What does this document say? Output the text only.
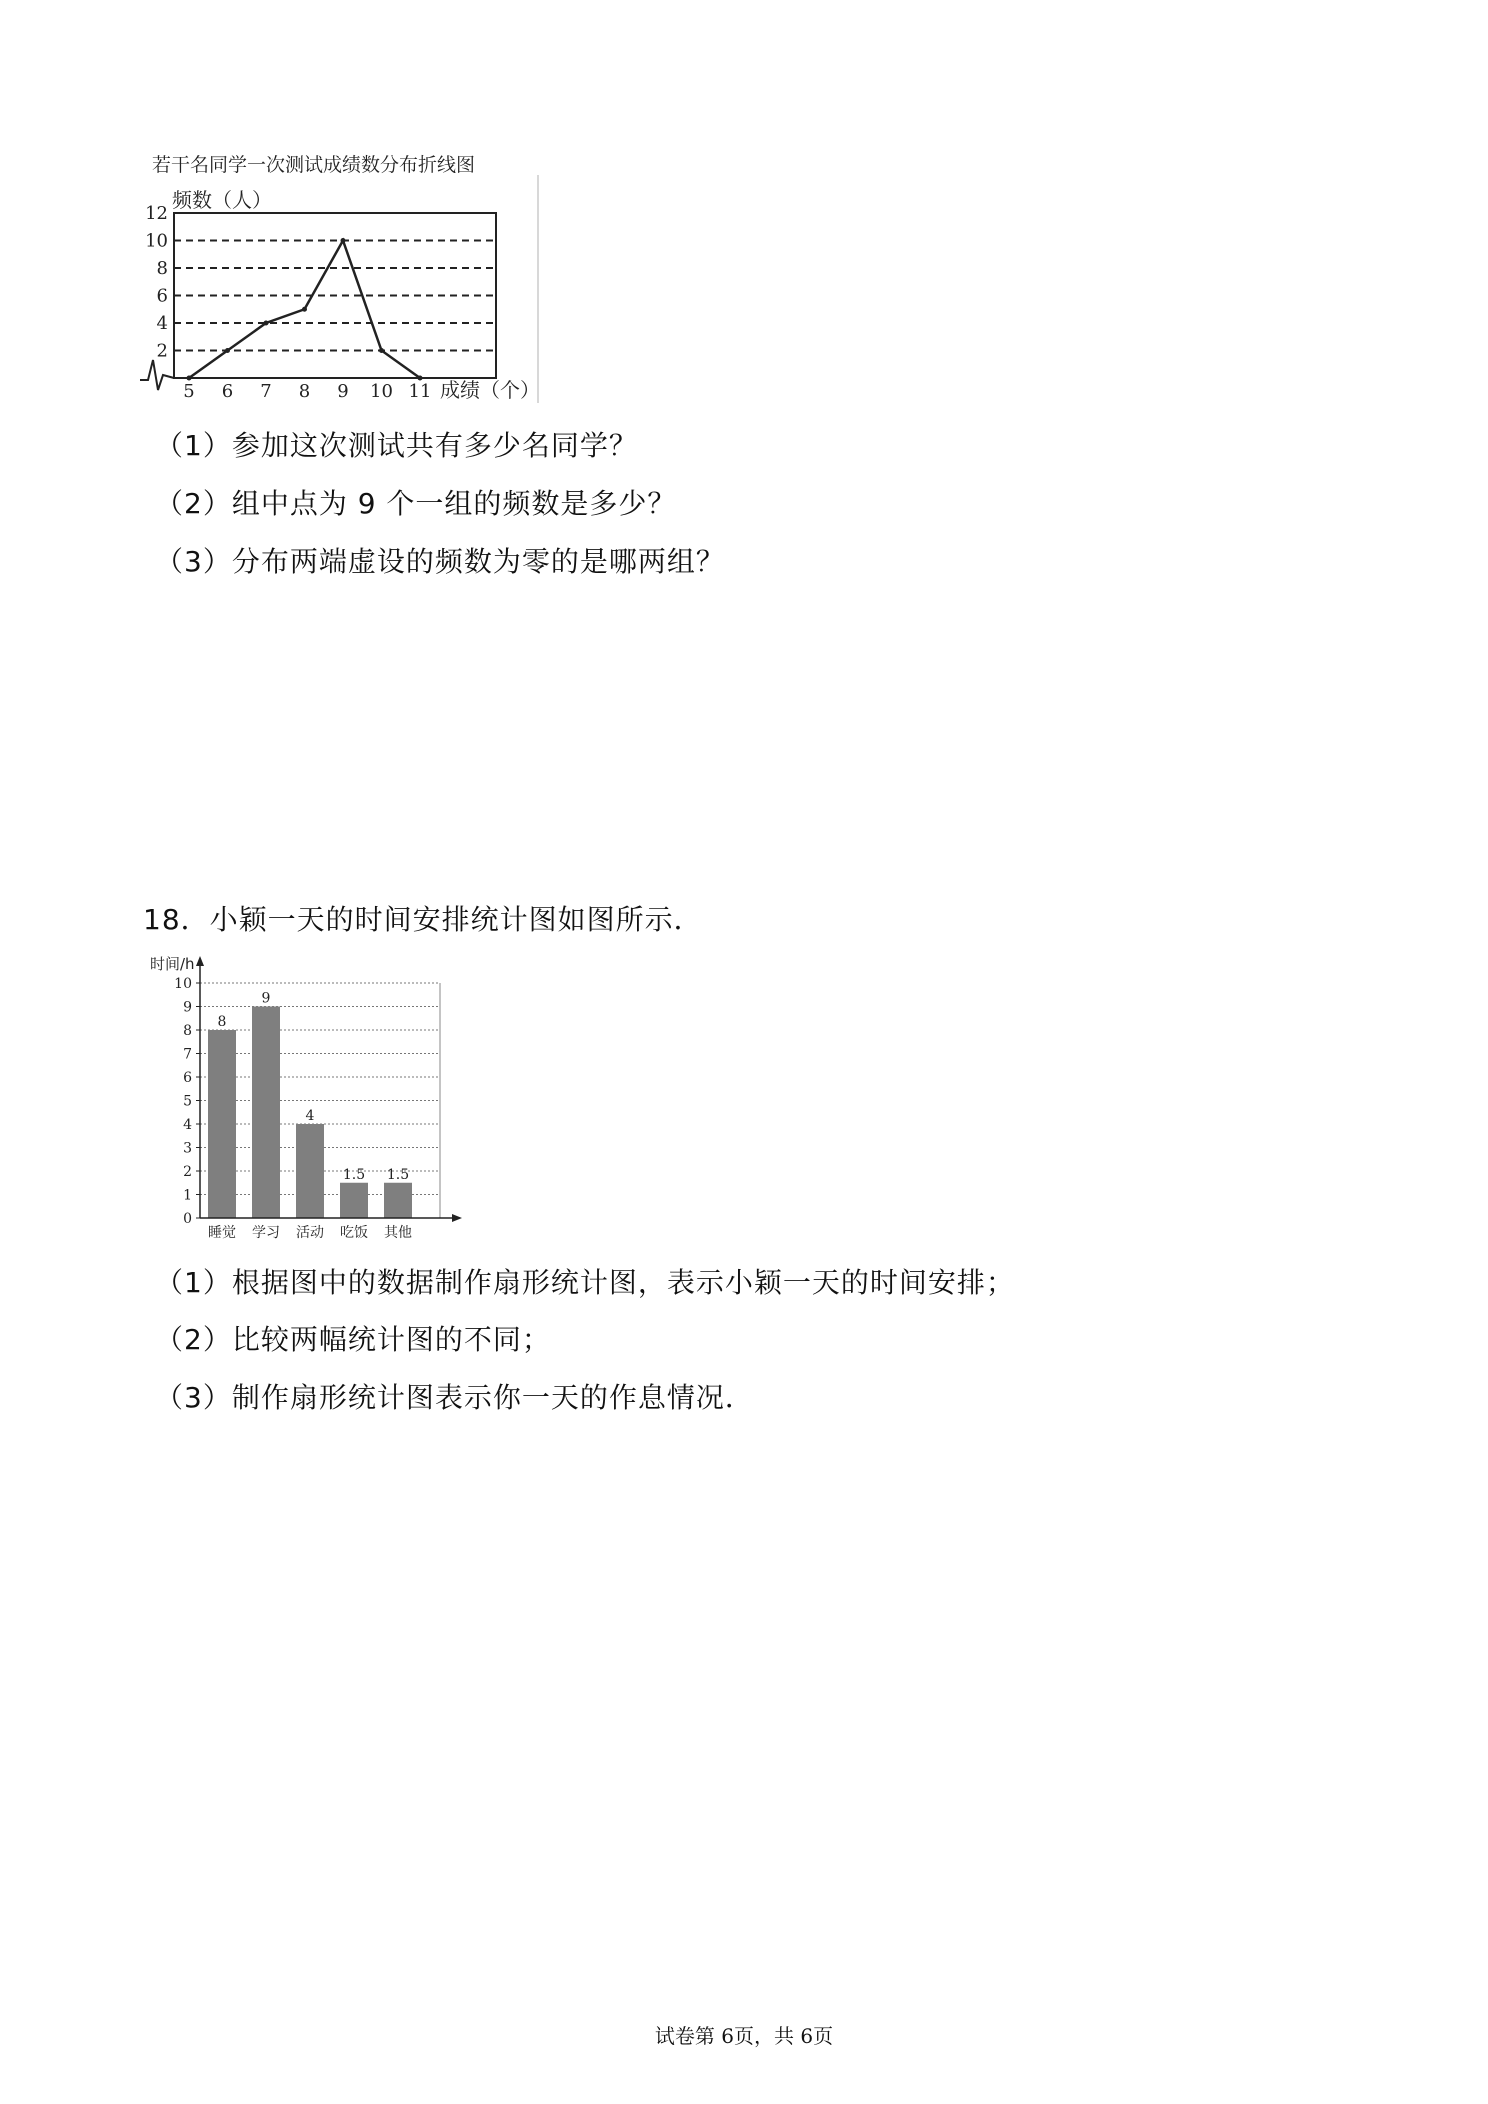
若干名同学一次测试成绩数分布折线图
频数（人）
2
4
6
8
10
12
5 6 7 8 9 10 11 成绩（个）
（1）参加这次测试共有多少名同学？
（2）组中点为 9 个一组的频数是多少？
（3）分布两端虚设的频数为零的是哪两组？
18．小颖一天的时间安排统计图如图所示．
时间/h
0
1
2
3
4
5
6
7
8
9
10
8
睡觉
9
学习
4
活动
1.5
吃饭
1.5
其他
（1）根据图中的数据制作扇形统计图，表示小颖一天的时间安排；
（2）比较两幅统计图的不同；
（3）制作扇形统计图表示你一天的作息情况．
试卷第 6页，共 6页
